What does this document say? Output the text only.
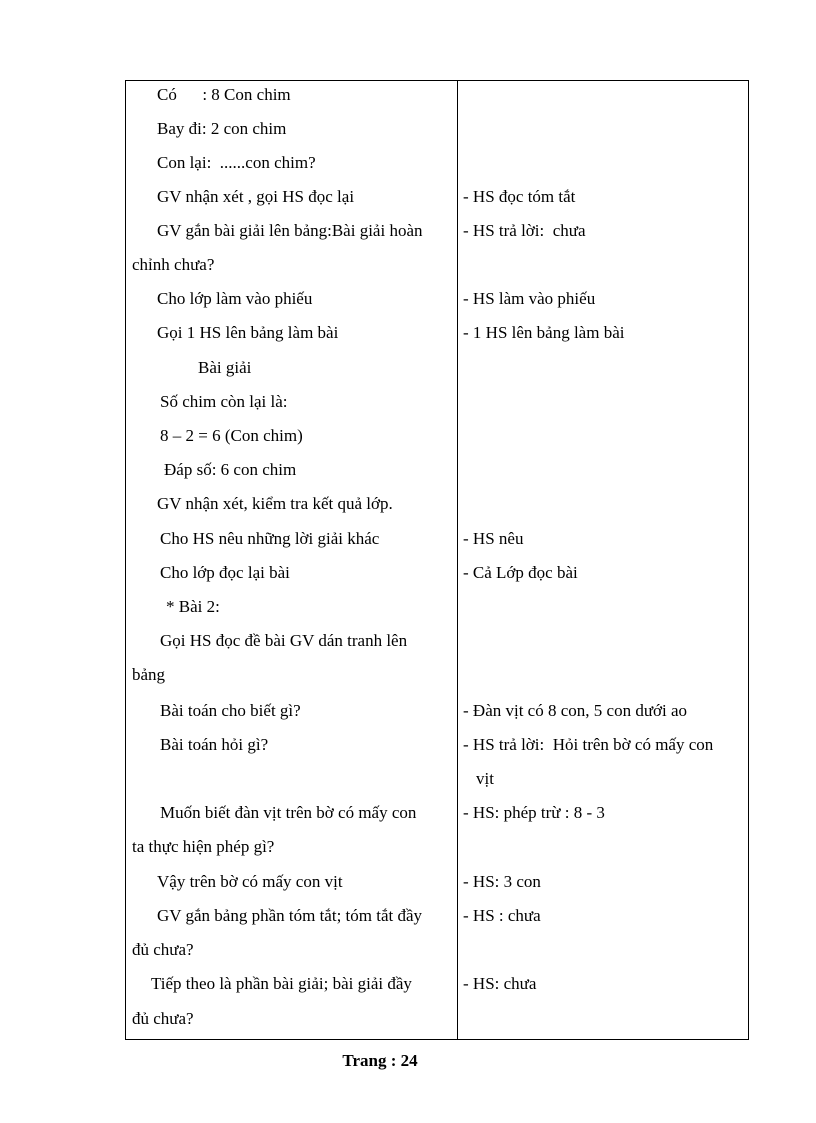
Có      : 8 Con chim
Bay đi: 2 con chim
Con lại:  ......con chim?
GV nhận xét , gọi HS đọc lại
GV gắn bài giải lên bảng:Bài giải hoàn
chỉnh chưa?
Cho lớp làm vào phiếu
Gọi 1 HS lên bảng làm bài
Bài giải
Số chim còn lại là:
8 – 2 = 6 (Con chim)
Đáp số: 6 con chim
GV nhận xét, kiểm tra kết quả lớp.
Cho HS nêu những lời giải khác
Cho lớp đọc lại bài
* Bài 2:
Gọi HS đọc đề bài GV dán tranh lên
bảng
Bài toán cho biết gì?
Bài toán hỏi gì?
Muốn biết đàn vịt trên bờ có mấy con
ta thực hiện phép gì?
Vậy trên bờ có mấy con vịt
GV gắn bảng phần tóm tắt; tóm tắt đầy
đủ chưa?
Tiếp theo là phần bài giải; bài giải đầy
đủ chưa?
- HS đọc tóm tắt
- HS trả lời:  chưa
- HS làm vào phiếu
- 1 HS lên bảng làm bài
- HS nêu
- Cả Lớp đọc bài
- Đàn vịt có 8 con, 5 con dưới ao
- HS trả lời:  Hỏi trên bờ có mấy con
vịt
- HS: phép trừ : 8 - 3
- HS: 3 con
- HS : chưa
- HS: chưa
Trang : 24
